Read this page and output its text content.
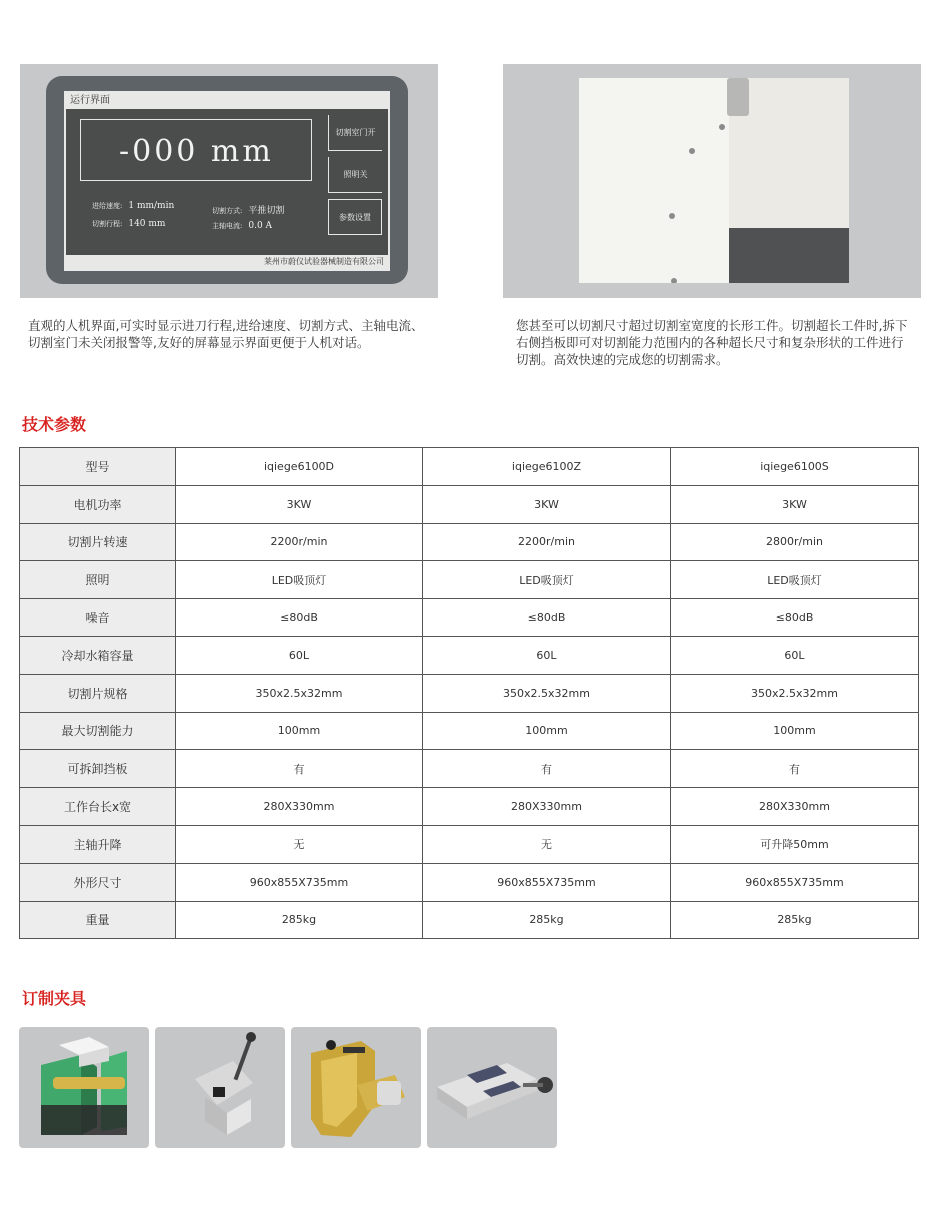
运行界面
-000 mm
切割室门开
照明关
参数设置
进给速度: 1 mm/min
切割行程: 140 mm
切割方式: 平推切割
主轴电流: 0.0 A
莱州市蔚仪试验器械制造有限公司
直观的人机界面,可实时显示进刀行程,进给速度、切割方式、主轴电流、切割室门未关闭报警等,友好的屏幕显示界面更便于人机对话。
您甚至可以切割尺寸超过切割室宽度的长形工件。切割超长工件时,拆下右侧挡板即可对切割能力范围内的各种超长尺寸和复杂形状的工件进行切割。高效快速的完成您的切割需求。
技术参数
型号	iqiege6100D	iqiege6100Z	iqiege6100S
电机功率	3KW	3KW	3KW
切割片转速	2200r/min	2200r/min	2800r/min
照明	LED吸顶灯	LED吸顶灯	LED吸顶灯
噪音	≤80dB	≤80dB	≤80dB
冷却水箱容量	60L	60L	60L
切割片规格	350x2.5x32mm	350x2.5x32mm	350x2.5x32mm
最大切割能力	100mm	100mm	100mm
可拆卸挡板	有	有	有
工作台长x宽	280X330mm	280X330mm	280X330mm
主轴升降	无	无	可升降50mm
外形尺寸	960x855X735mm	960x855X735mm	960x855X735mm
重量	285kg	285kg	285kg
订制夹具
